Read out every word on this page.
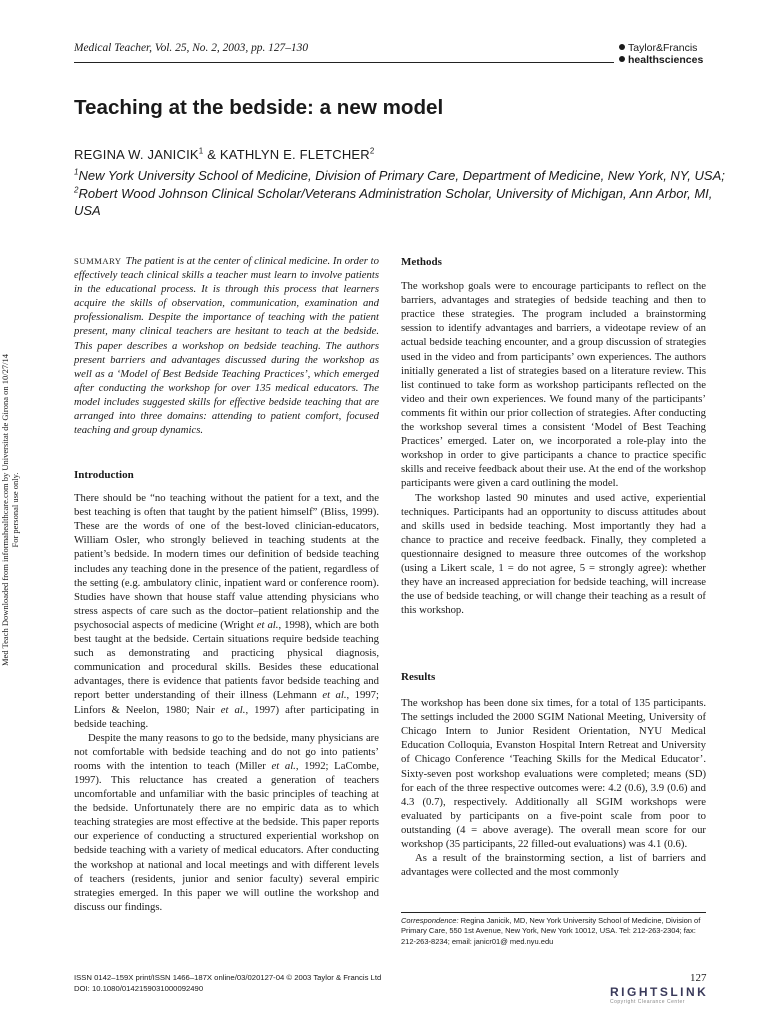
Medical Teacher, Vol. 25, No. 2, 2003, pp. 127–130	Taylor&Francis
healthsciences
Teaching at the bedside: a new model
REGINA W. JANICIK$^1$ & KATHLYN E. FLETCHER$^2$
$^1$New York University School of Medicine, Division of Primary Care, Department of Medicine, New York, NY, USA; $^2$Robert Wood Johnson Clinical Scholar/Veterans Administration Scholar, University of Michigan, Ann Arbor, MI, USA
SUMMARY The patient is at the center of clinical medicine. In order to effectively teach clinical skills a teacher must learn to involve patients in the educational process. It is through this process that learners acquire the skills of observation, communication, examination and professionalism. Despite the importance of teaching with the patient present, many clinical teachers are hesitant to teach at the bedside. This paper describes a workshop on bedside teaching. The authors present barriers and advantages discussed during the workshop as well as a ‘Model of Best Bedside Teaching Practices’, which emerged after conducting the workshop for over 135 medical educators. The model includes suggested skills for effective bedside teaching that are arranged into three domains: attending to patient comfort, focused teaching and group dynamics.
Introduction

There should be “no teaching without the patient for a text, and the best teaching is often that taught by the patient himself” (Bliss, 1999). These are the words of one of the best-loved clinician-educators, William Osler, who strongly believed in teaching students at the patient’s bedside. In modern times our definition of bedside teaching includes any teaching done in the presence of the patient, regardless of the setting (e.g. ambulatory clinic, inpatient ward or conference room). Studies have shown that house staff value attending physicians who stress aspects of care such as the doctor–patient relationship and the psychosocial aspects of medicine (Wright et al., 1998), which are both best taught at the bedside. Certain situations require bedside teaching such as demonstrating and practicing physical diagnosis, communication and procedural skills. Besides these educational advantages, there is evidence that patients favor bedside teaching and report better understanding of their illness (Lehmann et al., 1997; Linfors & Neelon, 1980; Nair et al., 1997) after participating in bedside teaching.

Despite the many reasons to go to the bedside, many physicians are not comfortable with bedside teaching and do not go into patients’ rooms with the intention to teach (Miller et al., 1992; LaCombe, 1997). This reluctance has created a generation of teachers uncomfortable and unfamiliar with the basic principles of teaching at the bedside. Unfortunately there are no empiric data as to which teaching strategies are most effective at the bedside. This paper reports our experience of conducting a structured experiential workshop on bedside teaching with a variety of medical educators. After conducting the workshop at national and local meetings and with different levels of teachers (residents, junior and senior faculty) several empiric strategies emerged. In this paper we will outline the workshop and discuss our findings.

Methods

The workshop goals were to encourage participants to reflect on the barriers, advantages and strategies of bedside teaching and then to practice these strategies. The program included a brainstorming session to identify advantages and barriers, a videotape review of an actual bedside teaching encounter, and a group discussion of strategies used in the video and from participants’ own experiences. The authors initially generated a list of strategies based on a literature review. This list continued to take form as workshop participants reflected on the video and their own experiences. We found many of the participants’ comments fit within our prior collection of strategies. After conducting the workshop several times a consistent ‘Model of Best Teaching Practices’ emerged. Later on, we incorporated a role-play into the workshop in order to give participants a chance to practice specific skills and receive feedback about their use. At the end of the workshop participants were given a card outlining the model.

The workshop lasted 90 minutes and used active, experiential techniques. Participants had an opportunity to discuss attitudes about and skills used in bedside teaching. Most importantly they had a chance to practice and receive feedback. Finally, they completed a questionnaire designed to measure three outcomes of the workshop (using a Likert scale, 1 = do not agree, 5 = strongly agree): whether they have an increased appreciation for bedside teaching, will increase the use of bedside teaching, or will change their teaching as a result of this workshop.

Results

The workshop has been done six times, for a total of 135 participants. The settings included the 2000 SGIM National Meeting, University of Chicago Intern to Junior Resident Orientation, NYU Medical Education Colloquia, Evanston Hospital Intern Retreat and University of Chicago Conference ‘Teaching Skills for the Medical Educator’. Sixty-seven post workshop evaluations were completed; means (SD) for each of the three respective outcomes were: 4.2 (0.6), 3.9 (0.6) and 4.3 (0.7), respectively. Additionally all SGIM workshops were evaluated by participants on a five-point scale from poor to outstanding (4 = above average). The overall mean score for our workshop (35 participants, 22 filled-out evaluations) was 4.1 (0.6).

As a result of the brainstorming section, a list of barriers and advantages were collected and the most commonly

Correspondence: Regina Janicik, MD, New York University School of Medicine, Division of Primary Care, 550 1st Avenue, New York, New York 10012, USA. Tel: 212-263-2304; fax: 212-263-8234; email: janicr01@ med.nyu.edu
ISSN 0142–159X print/ISSN 1466–187X online/03/020127-04 © 2003 Taylor & Francis Ltd
DOI: 10.1080/0142159031000092490
127
Med Teach Downloaded from informahealthcare.com by Universitat de Girona on 10/27/14 For personal use only.
RIGHTSLINK
Copyright Clearance Center
